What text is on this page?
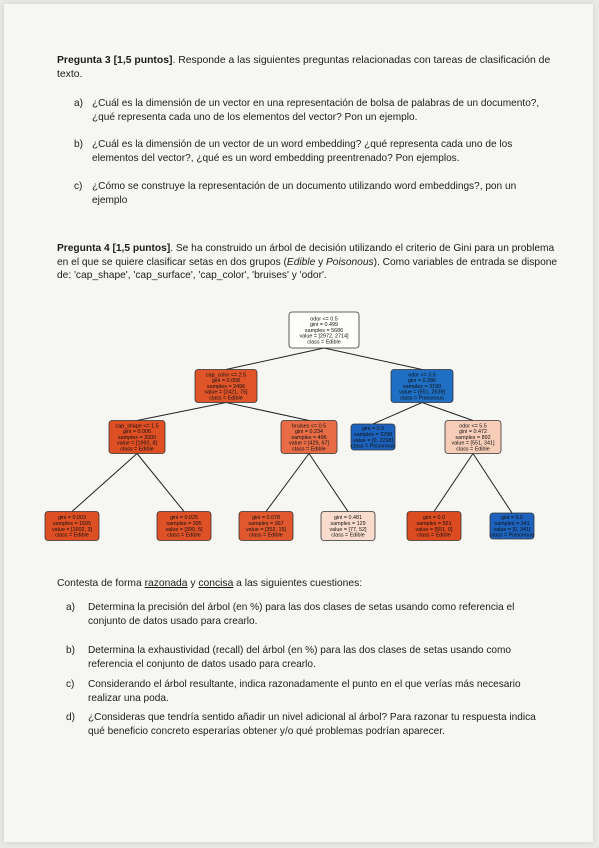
Pregunta 3 [1,5 puntos]. Responde a las siguientes preguntas relacionadas con tareas de clasificación de texto.
a) ¿Cuál es la dimensión de un vector en una representación de bolsa de palabras de un documento?,
¿qué representa cada uno de los elementos del vector? Pon un ejemplo.
b) ¿Cuál es la dimensión de un vector de un word embedding? ¿qué representa cada uno de los
elementos del vector?, ¿qué es un word embedding preentrenado? Pon ejemplos.
c) ¿Cómo se construye la representación de un documento utilizando word embeddings?, pon un
ejemplo
Pregunta 4 [1,5 puntos]. Se ha construido un árbol de decisión utilizando el criterio de Gini para un problema
en el que se quiere clasificar setas en dos grupos (Edible y Poisonous). Como variables de entrada se dispone
de: 'cap_shape', 'cap_surface', 'cap_color', 'bruises' y 'odor'.
odor <= 0.5
gini = 0.499
samples = 5686
value = [2972, 2714]
class = Edible
cap_color <= 2.5
gini = 0.058
samples = 2496
value = [2421, 75]
class = Edible
odor <= 3.5
gini = 0.286
samples = 3190
value = [551, 2639]
class = Poisonous
cap_shape <= 1.5
gini = 0.006
samples = 2000
value = [1992, 8]
class = Edible
bruises <= 0.5
gini = 0.234
samples = 496
value = [429, 67]
class = Edible
gini = 0.0
samples = 2298
value = [0, 2298]
class = Poisonous
odor <= 5.5
gini = 0.472
samples = 892
value = [551, 341]
class = Edible
gini = 0.003
samples = 1605
value = [1602, 3]
class = Edible
gini = 0.025
samples = 395
value = [390, 5]
class = Edible
gini = 0.078
samples = 367
value = [352, 15]
class = Edible
gini = 0.481
samples = 129
value = [77, 52]
class = Edible
gini = 0.0
samples = 551
value = [551, 0]
class = Edible
gini = 0.0
samples = 341
value = [0, 341]
class = Poisonous
Contesta de forma razonada y concisa a las siguientes cuestiones:
a) Determina la precisión del árbol (en %) para las dos clases de setas usando como referencia el
conjunto de datos usado para crearlo.
b) Determina la exhaustividad (recall) del árbol (en %) para las dos clases de setas usando como
referencia el conjunto de datos usado para crearlo.
c) Considerando el árbol resultante, indica razonadamente el punto en el que verías más necesario
realizar una poda.
d) ¿Consideras que tendría sentido añadir un nivel adicional al árbol? Para razonar tu respuesta indica
qué beneficio concreto esperarías obtener y/o qué problemas podrían aparecer.
